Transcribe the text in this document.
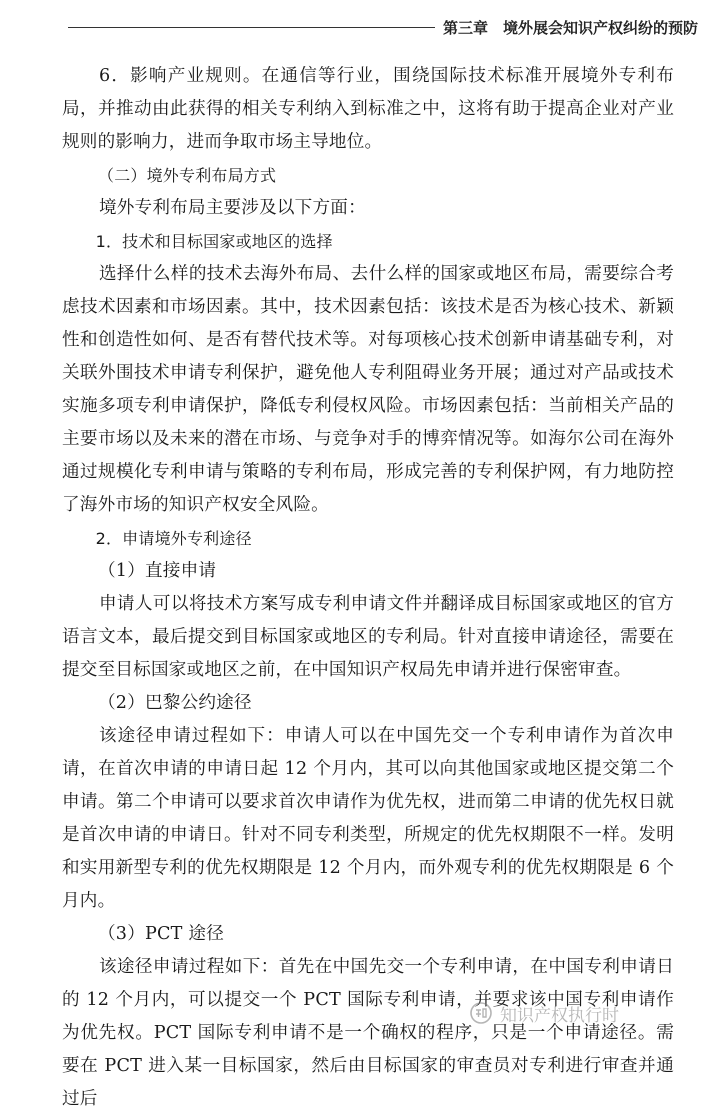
第三章　境外展会知识产权纠纷的预防

6．影响产业规则。在通信等行业，围绕国际技术标准开展境外专利布局，并推动由此获得的相关专利纳入到标准之中，这将有助于提高企业对产业规则的影响力，进而争取市场主导地位。

（二）境外专利布局方式

境外专利布局主要涉及以下方面：

1．技术和目标国家或地区的选择

选择什么样的技术去海外布局、去什么样的国家或地区布局，需要综合考虑技术因素和市场因素。其中，技术因素包括：该技术是否为核心技术、新颖性和创造性如何、是否有替代技术等。对每项核心技术创新申请基础专利，对关联外围技术申请专利保护，避免他人专利阻碍业务开展；通过对产品或技术实施多项专利申请保护，降低专利侵权风险。市场因素包括：当前相关产品的主要市场以及未来的潜在市场、与竞争对手的博弈情况等。如海尔公司在海外通过规模化专利申请与策略的专利布局，形成完善的专利保护网，有力地防控了海外市场的知识产权安全风险。

2．申请境外专利途径

（1）直接申请

申请人可以将技术方案写成专利申请文件并翻译成目标国家或地区的官方语言文本，最后提交到目标国家或地区的专利局。针对直接申请途径，需要在提交至目标国家或地区之前，在中国知识产权局先申请并进行保密审查。

（2）巴黎公约途径

该途径申请过程如下：申请人可以在中国先交一个专利申请作为首次申请，在首次申请的申请日起 12 个月内，其可以向其他国家或地区提交第二个申请。第二个申请可以要求首次申请作为优先权，进而第二申请的优先权日就是首次申请的申请日。针对不同专利类型，所规定的优先权期限不一样。发明和实用新型专利的优先权期限是 12 个月内，而外观专利的优先权期限是 6 个月内。

（3）PCT 途径

该途径申请过程如下：首先在中国先交一个专利申请，在中国专利申请日的 12 个月内，可以提交一个 PCT 国际专利申请，并要求该中国专利申请作为优先权。PCT 国际专利申请不是一个确权的程序，只是一个申请途径。需要在 PCT 进入某一目标国家，然后由目标国家的审查员对专利进行审查并通过后

知识产权执行时
